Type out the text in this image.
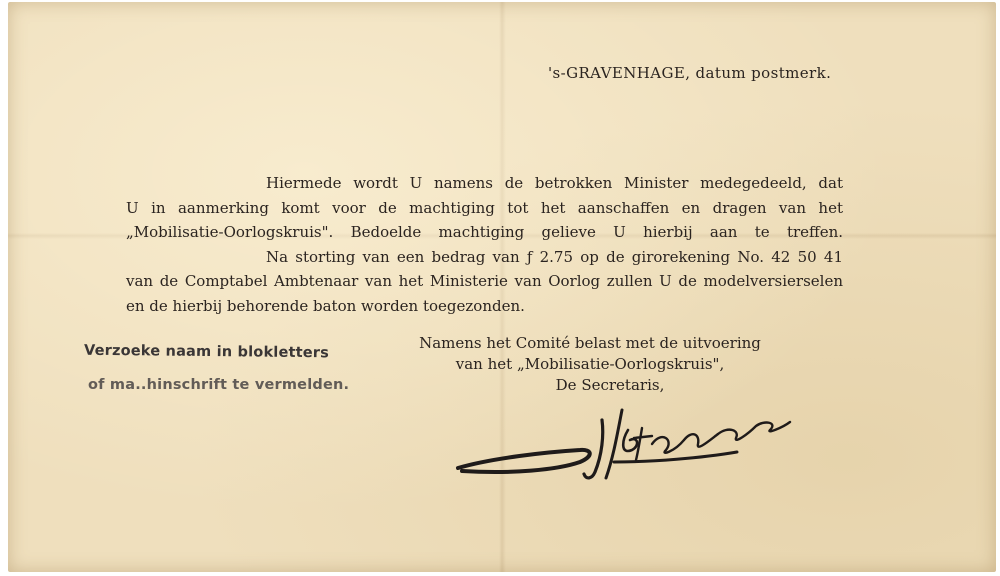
's-GRAVENHAGE, datum postmerk.
Hiermede wordt U namens de betrokken Minister medegedeeld, dat
U in aanmerking komt voor de machtiging tot het aanschaffen en dragen van het
„Mobilisatie-Oorlogskruis". Bedoelde machtiging gelieve U hierbij aan te treffen.
Na storting van een bedrag van ƒ 2.75 op de girorekening No. 42 50 41
van de Comptabel Ambtenaar van het Ministerie van Oorlog zullen U de modelversierselen
en de hierbij behorende baton worden toegezonden.
Verzoeke naam in blokletters
of ma..hinschrift te vermelden.
Namens het Comité belast met de uitvoering
van het „Mobilisatie-Oorlogskruis",
De Secretaris,
